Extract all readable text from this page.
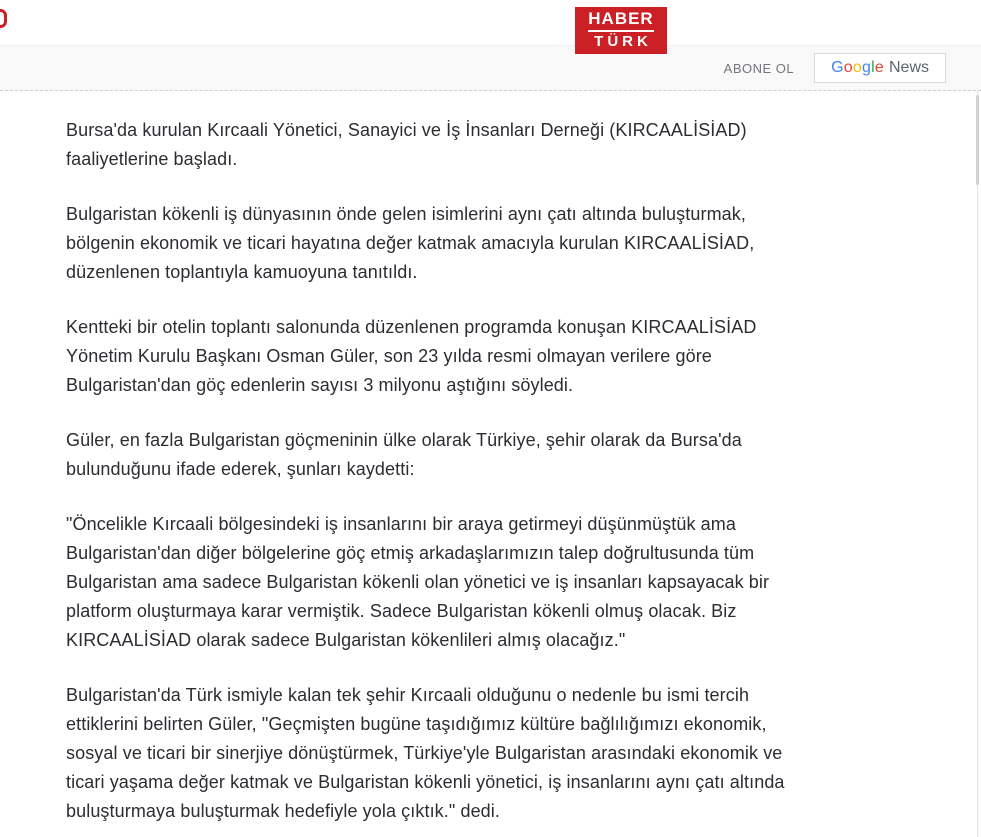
HABER
TÜRK
ABONE OL Google News

Bursa'da kurulan Kırcaali Yönetici, Sanayici ve İş İnsanları Derneği (KIRCAALİSİAD) faaliyetlerine başladı.

Bulgaristan kökenli iş dünyasının önde gelen isimlerini aynı çatı altında buluşturmak, bölgenin ekonomik ve ticari hayatına değer katmak amacıyla kurulan KIRCAALİSİAD, düzenlenen toplantıyla kamuoyuna tanıtıldı.

Kentteki bir otelin toplantı salonunda düzenlenen programda konuşan KIRCAALİSİAD Yönetim Kurulu Başkanı Osman Güler, son 23 yılda resmi olmayan verilere göre Bulgaristan'dan göç edenlerin sayısı 3 milyonu aştığını söyledi.

Güler, en fazla Bulgaristan göçmeninin ülke olarak Türkiye, şehir olarak da Bursa'da bulunduğunu ifade ederek, şunları kaydetti:

"Öncelikle Kırcaali bölgesindeki iş insanlarını bir araya getirmeyi düşünmüştük ama Bulgaristan'dan diğer bölgelerine göç etmiş arkadaşlarımızın talep doğrultusunda tüm Bulgaristan ama sadece Bulgaristan kökenli olan yönetici ve iş insanları kapsayacak bir platform oluşturmaya karar vermiştik. Sadece Bulgaristan kökenli olmuş olacak. Biz KIRCAALİSİAD olarak sadece Bulgaristan kökenlileri almış olacağız."

Bulgaristan'da Türk ismiyle kalan tek şehir Kırcaali olduğunu o nedenle bu ismi tercih ettiklerini belirten Güler, "Geçmişten bugüne taşıdığımız kültüre bağlılığımızı ekonomik, sosyal ve ticari bir sinerjiye dönüştürmek, Türkiye'yle Bulgaristan arasındaki ekonomik ve ticari yaşama değer katmak ve Bulgaristan kökenli yönetici, iş insanlarını aynı çatı altında buluşturmaya buluşturmak hedefiyle yola çıktık." dedi.
